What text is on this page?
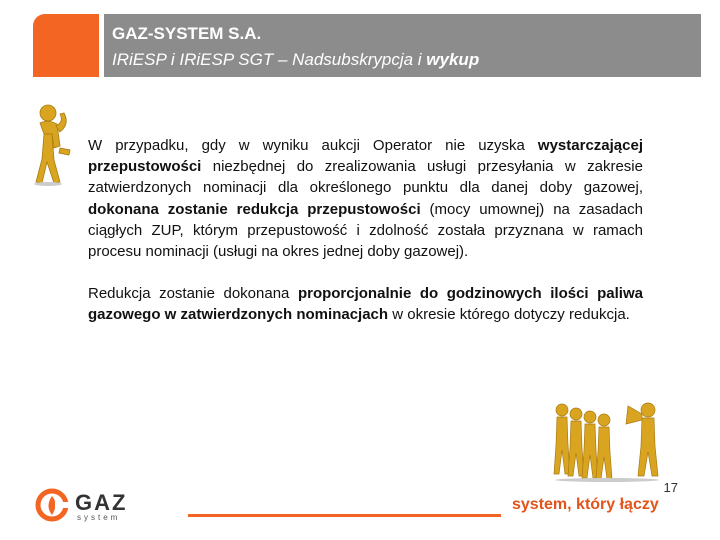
GAZ-SYSTEM S.A.
IRiESP i IRiESP SGT – Nadsubskrypcja i wykup

W przypadku, gdy w wyniku aukcji Operator nie uzyska wystarczającej przepustowości niezbędnej do zrealizowania usługi przesyłania w zakresie zatwierdzonych nominacji dla określonego punktu dla danej doby gazowej, dokonana zostanie redukcja przepustowości (mocy umownej) na zasadach ciągłych ZUP, którym przepustowość i zdolność została przyznana w ramach procesu nominacji (usługi na okres jednej doby gazowej).

Redukcja zostanie dokonana proporcjonalnie do godzinowych ilości paliwa gazowego w zatwierdzonych nominacjach w okresie którego dotyczy redukcja.

17
GAZ
system
system, który łączy
